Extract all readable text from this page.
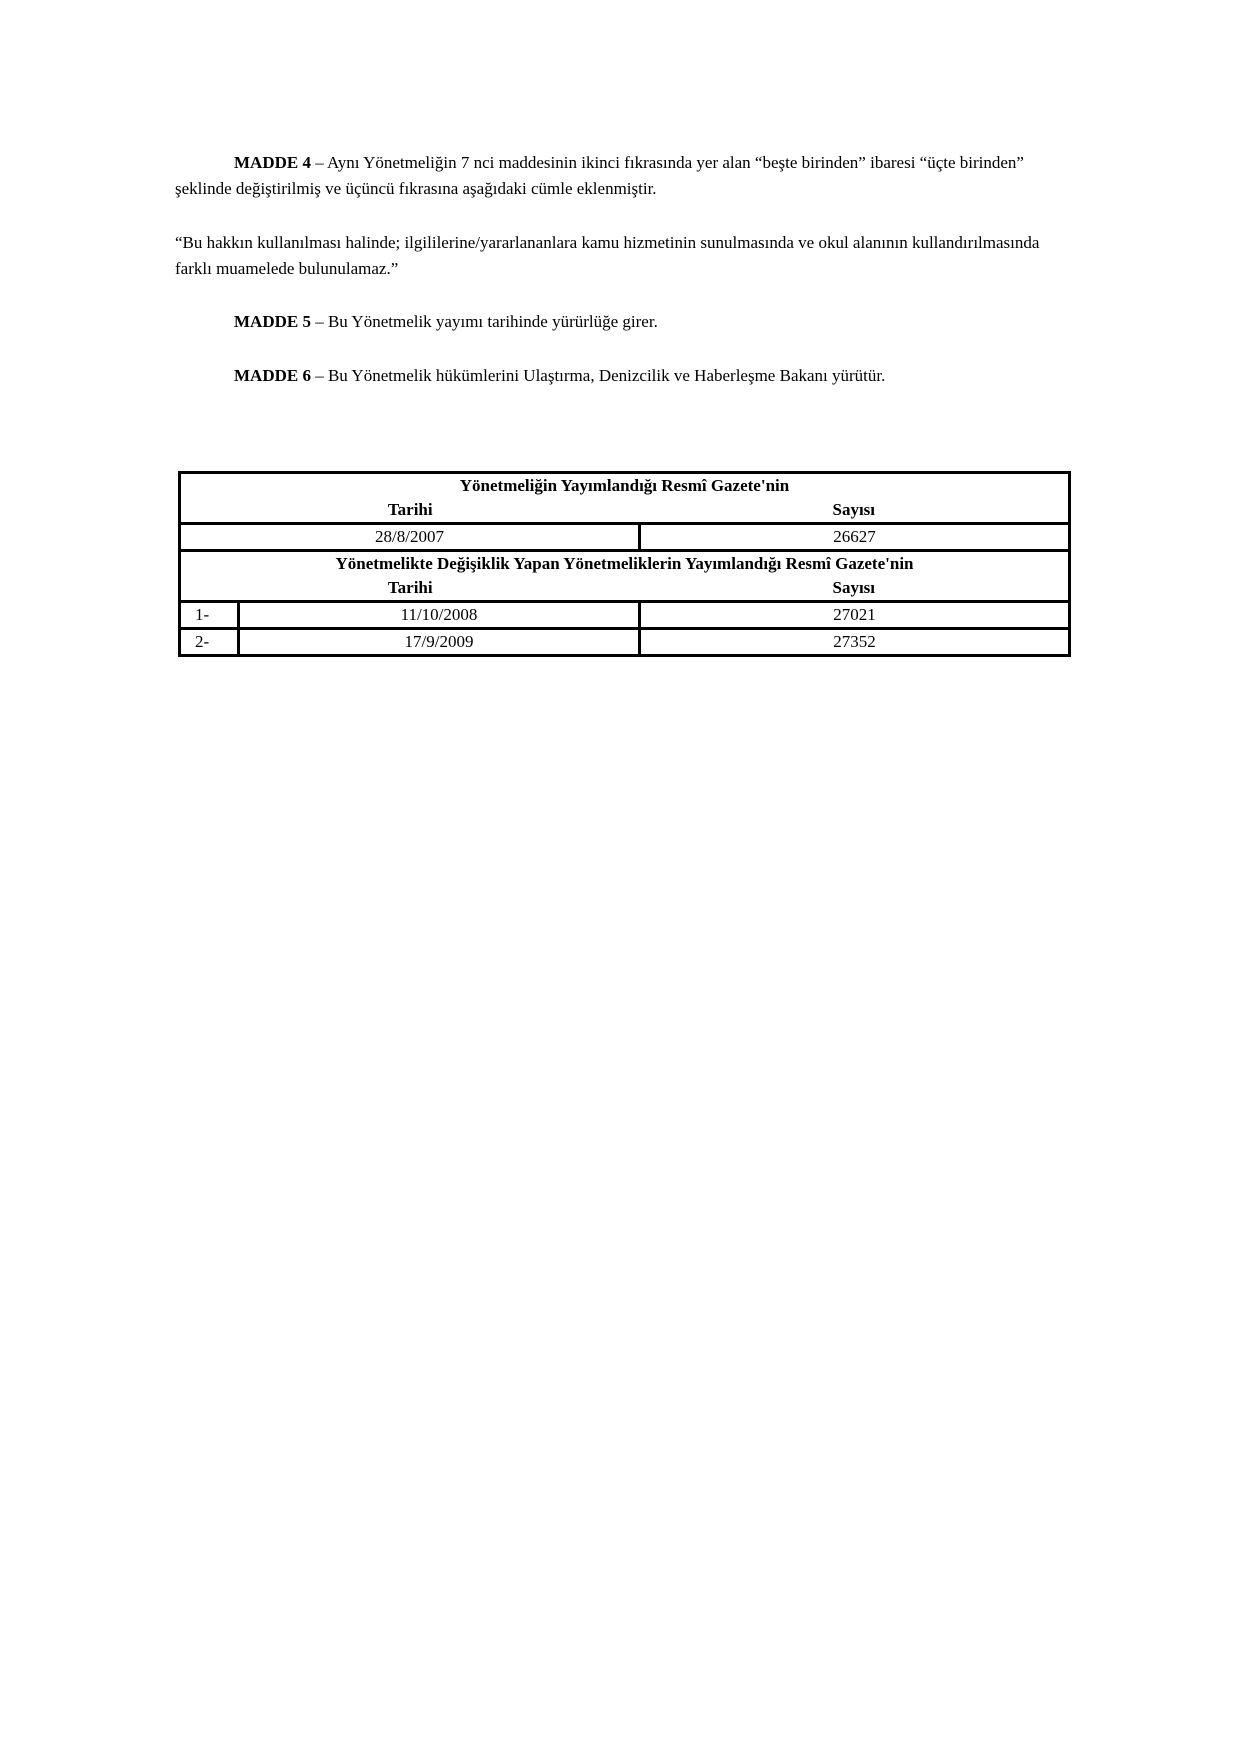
MADDE 4 – Aynı Yönetmeliğin 7 nci maddesinin ikinci fıkrasında yer alan “beşte birinden” ibaresi “üçte birinden” şeklinde değiştirilmiş ve üçüncü fıkrasına aşağıdaki cümle eklenmiştir.

“Bu hakkın kullanılması halinde; ilgililerine/yararlananlara kamu hizmetinin sunulmasında ve okul alanının kullandırılmasında farklı muamelede bulunulamaz.”

MADDE 5 – Bu Yönetmelik yayımı tarihinde yürürlüğe girer.

MADDE 6 – Bu Yönetmelik hükümlerini Ulaştırma, Denizcilik ve Haberleşme Bakanı yürütür.

Yönetmeliğin Yayımlandığı Resmî Gazete'nin		
Tarihi		Sayısı
28/8/2007		26627
Yönetmelikte Değişiklik Yapan Yönetmeliklerin Yayımlandığı Resmî Gazete'nin		
Tarihi		Sayısı
1-	11/10/2008	27021
2-	17/9/2009	27352
